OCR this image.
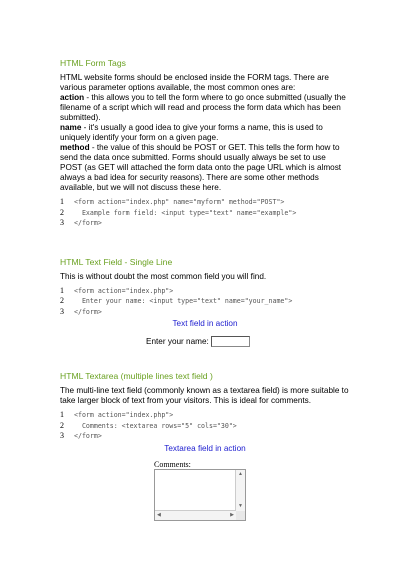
HTML Form Tags

HTML website forms should be enclosed inside the FORM tags. There are various parameter options available, the most common ones are:

action - this allows you to tell the form where to go once submitted (usually the filename of a script which will read and process the form data which has been submitted).

name - it's usually a good idea to give your forms a name, this is used to uniquely identify your form on a given page.

method - the value of this should be POST or GET. This tells the form how to send the data once submitted. Forms should usually always be set to use POST (as GET will attached the form data onto the page URL which is almost always a bad idea for security reasons). There are some other methods available, but we will not discuss these here.

1 <form action="index.php" name="myform" method="POST">
2  Example form field: <input type="text" name="example">
3 </form>
HTML Text Field - Single Line

This is without doubt the most common field you will find.

1 <form action="index.php">
2  Enter your name: <input type="text" name="your_name">
3 </form>
Text field in action
Enter your name:
HTML Textarea (multiple lines text field )

The multi-line text field (commonly known as a textarea field) is more suitable to take larger block of text from your visitors. This is ideal for comments.

1 <form action="index.php">
2  Comments: <textarea rows="5" cols="30">
3 </form>
Textarea field in action
Comments:
▲
▼
◀	▶
